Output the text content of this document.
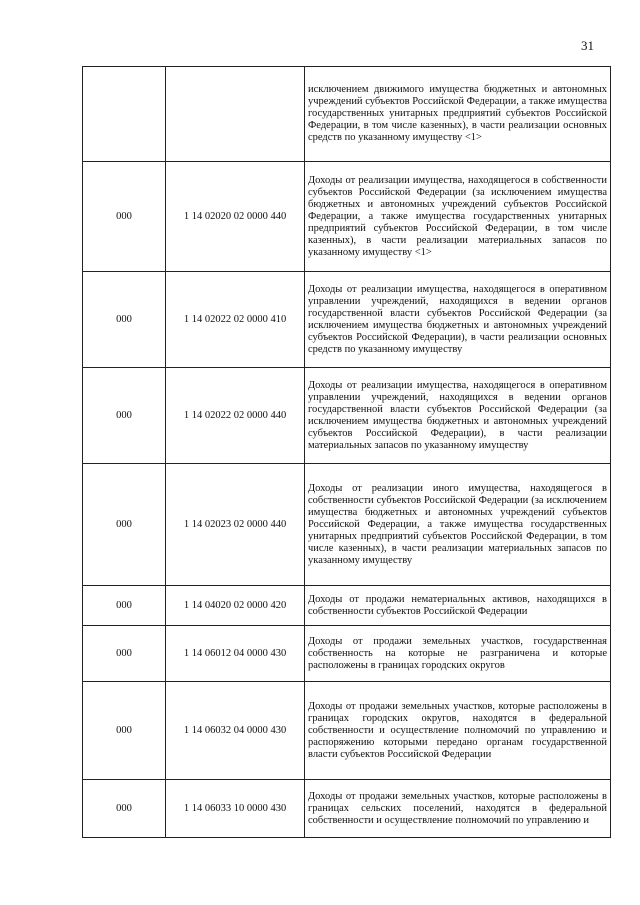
31
		исключением движимого имущества бюджетных и автономных учреждений субъектов Российской Федерации, а также имущества государственных унитарных предприятий субъектов Российской Федерации, в том числе казенных), в части реализации основных средств по указанному имуществу <1>
000	1 14 02020 02 0000 440	Доходы от реализации имущества, находящегося в собственности субъектов Российской Федерации (за исключением имущества бюджетных и автономных учреждений субъектов Российской Федерации, а также имущества государственных унитарных предприятий субъектов Российской Федерации, в том числе казенных), в части реализации материальных запасов по указанному имуществу <1>
000	1 14 02022 02 0000 410	Доходы от реализации имущества, находящегося в оперативном управлении учреждений, находящихся в ведении органов государственной власти субъектов Российской Федерации (за исключением имущества бюджетных и автономных учреждений субъектов Российской Федерации), в части реализации основных средств по указанному имуществу
000	1 14 02022 02 0000 440	Доходы от реализации имущества, находящегося в оперативном управлении учреждений, находящихся в ведении органов государственной власти субъектов Российской Федерации (за исключением имущества бюджетных и автономных учреждений субъектов Российской Федерации), в части реализации материальных запасов по указанному имуществу
000	1 14 02023 02 0000 440	Доходы от реализации иного имущества, находящегося в собственности субъектов Российской Федерации (за исключением имущества бюджетных и автономных учреждений субъектов Российской Федерации, а также имущества государственных унитарных предприятий субъектов Российской Федерации, в том числе казенных), в части реализации материальных запасов по указанному имуществу
000	1 14 04020 02 0000 420	Доходы от продажи нематериальных активов, находящихся в собственности субъектов Российской Федерации
000	1 14 06012 04 0000 430	Доходы от продажи земельных участков, государственная собственность на которые не разграничена и которые расположены в границах городских округов
000	1 14 06032 04 0000 430	Доходы от продажи земельных участков, которые расположены в границах городских округов, находятся в федеральной собственности и осуществление полномочий по управлению и распоряжению которыми передано органам государственной власти субъектов Российской Федерации
000	1 14 06033 10 0000 430	Доходы от продажи земельных участков, которые расположены в границах сельских поселений, находятся в федеральной собственности и осуществление полномочий по управлению и
